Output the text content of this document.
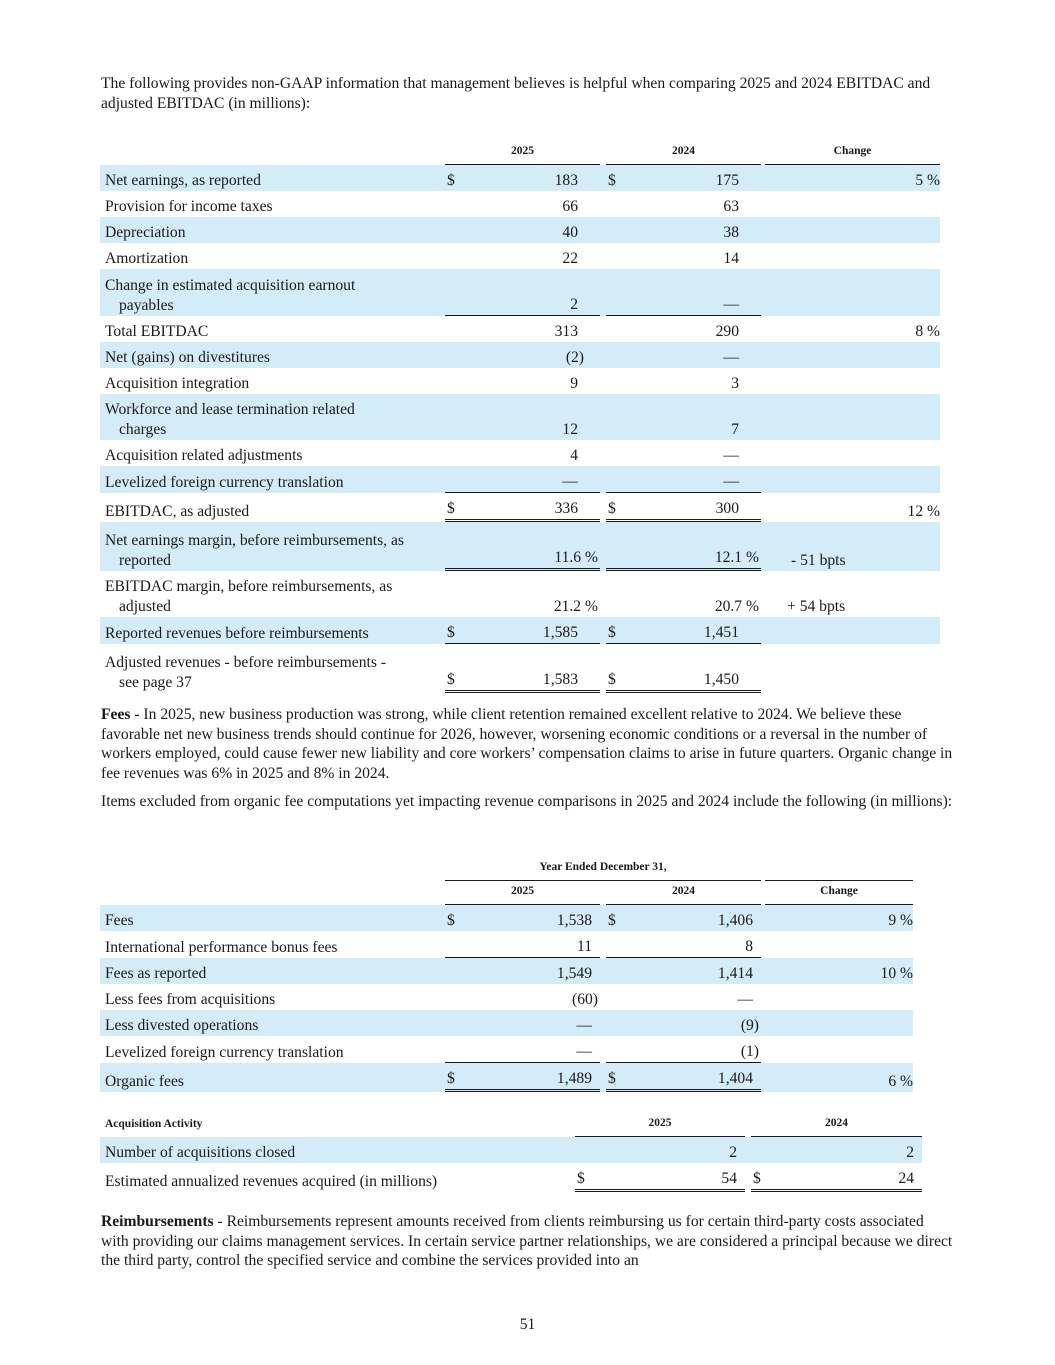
The following provides non-GAAP information that management believes is helpful when comparing 2025 and 2024 EBITDAC and adjusted EBITDAC (in millions):

	2025			2024			Change
Net earnings, as reported	$	183		$	175		5 %
Provision for income taxes		66			63		
Depreciation		40			38		
Amortization		22			14		

Change in estimated acquisition earnout
payables		2			—		
Total EBITDAC		313			290		8 %
Net (gains) on divestitures		(2)			—		
Acquisition integration		9			3		

Workforce and lease termination related
charges		12			7		
Acquisition related adjustments		4			—		
Levelized foreign currency translation		—			—		
EBITDAC, as adjusted	$	336		$	300		12 %

Net earnings margin, before reimbursements, as
reported		11.6 %			12.1 %		- 51 bpts

EBITDAC margin, before reimbursements, as
adjusted		21.2 %			20.7 %		+ 54 bpts
Reported revenues before reimbursements	$	1,585		$	1,451		

Adjusted revenues - before reimbursements -
see page 37	$	1,583		$	1,450		

Fees - In 2025, new business production was strong, while client retention remained excellent relative to 2024. We believe these favorable net new business trends should continue for 2026, however, worsening economic conditions or a reversal in the number of workers employed, could cause fewer new liability and core workers’ compensation claims to arise in future quarters. Organic change in fee revenues was 6% in 2025 and 8% in 2024.

Items excluded from organic fee computations yet impacting revenue comparisons in 2025 and 2024 include the following (in millions):

	Year Ended December 31,						
	2025			2024			Change
Fees	$	1,538		$	1,406		9 %
International performance bonus fees		11			8		
Fees as reported		1,549			1,414		10 %
Less fees from acquisitions		(60)			—		
Less divested operations		—			(9)		
Levelized foreign currency translation		—			(1)		
Organic fees	$	1,489		$	1,404		6 %
Acquisition Activity	2025			2024	
Number of acquisitions closed		2			2
Estimated annualized revenues acquired (in millions)	$	54		$	24

Reimbursements - Reimbursements represent amounts received from clients reimbursing us for certain third-party costs associated with providing our claims management services. In certain service partner relationships, we are considered a principal because we direct the third party, control the specified service and combine the services provided into an

51
